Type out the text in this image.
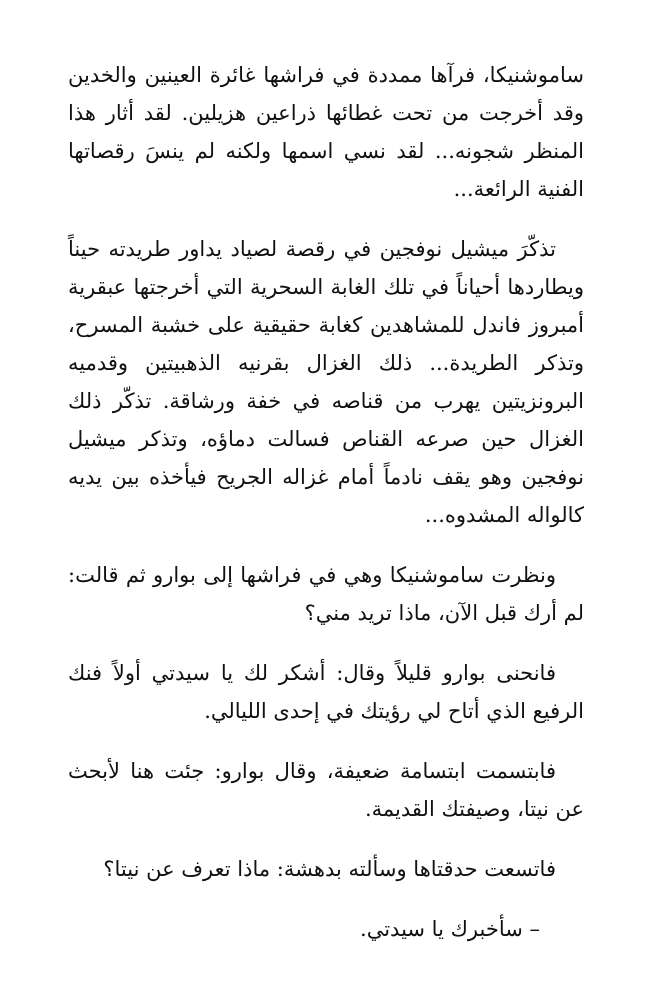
ساموشنيكا، فرآها ممددة في فراشها غائرة العينين والخدين وقد أخرجت من تحت غطائها ذراعين هزيلين. لقد أثار هذا المنظر شجونه... لقد نسي اسمها ولكنه لم ينسَ رقصاتها الفنية الرائعة...

تذكّرَ ميشيل نوفجين في رقصة لصياد يداور طريدته حيناً ويطاردها أحياناً في تلك الغابة السحرية التي أخرجتها عبقرية أمبروز فاندل للمشاهدين كغابة حقيقية على خشبة المسرح، وتذكر الطريدة... ذلك الغزال بقرنيه الذهبيتين وقدميه البرونزيتين يهرب من قناصه في خفة ورشاقة. تذكّر ذلك الغزال حين صرعه القناص فسالت دماؤه، وتذكر ميشيل نوفجين وهو يقف نادماً أمام غزاله الجريح فيأخذه بين يديه كالواله المشدوه...

ونظرت ساموشنيكا وهي في فراشها إلى بوارو ثم قالت: لم أرك قبل الآن، ماذا تريد مني؟

فانحنى بوارو قليلاً وقال: أشكر لك يا سيدتي أولاً فنك الرفيع الذي أتاح لي رؤيتك في إحدى الليالي.

فابتسمت ابتسامة ضعيفة، وقال بوارو: جئت هنا لأبحث عن نيتا، وصيفتك القديمة.

فاتسعت حدقتاها وسألته بدهشة: ماذا تعرف عن نيتا؟

– سأخبرك يا سيدتي.
